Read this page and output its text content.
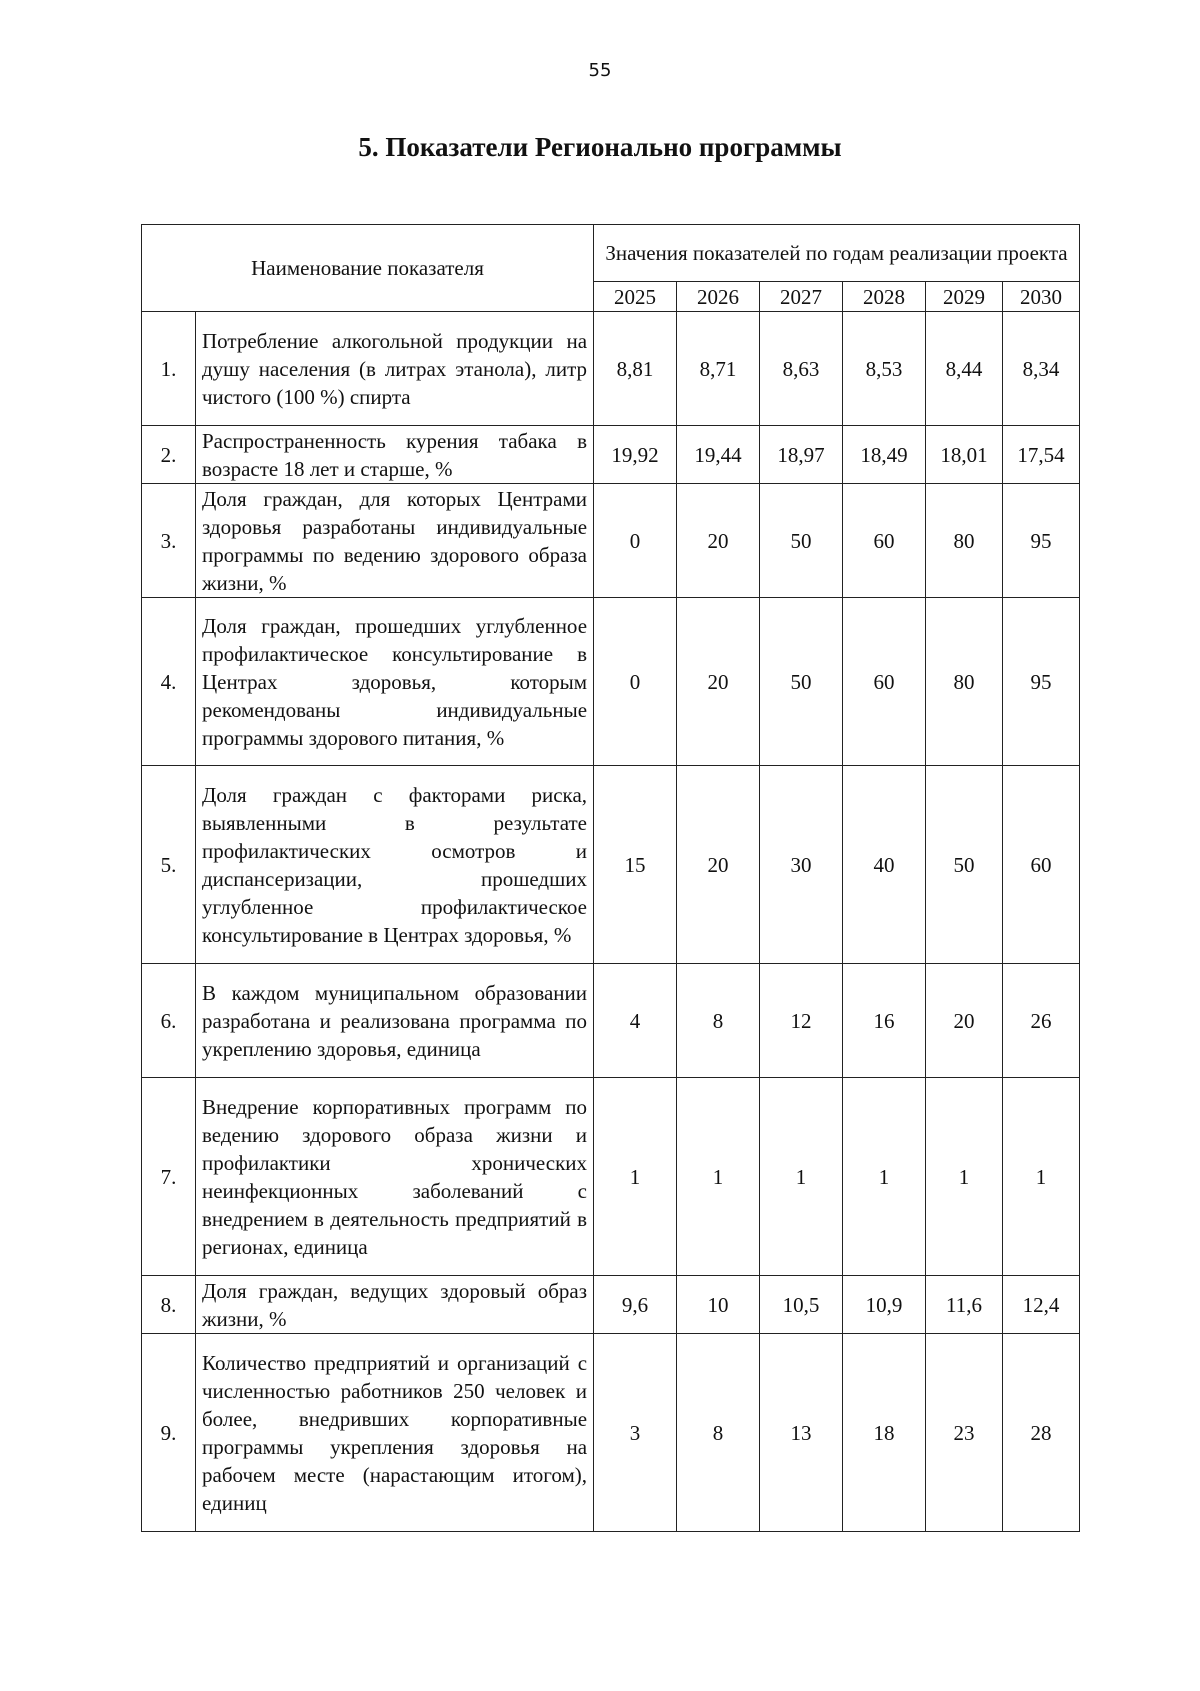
55
5. Показатели Регионально программы
Наименование показателя		Значения показателей по годам реализации проекта					
		2025	2026	2027	2028	2029	2030
1.	Потребление алкогольной продукции на душу населения (в литрах этанола), литр чистого (100 %) спирта	8,81	8,71	8,63	8,53	8,44	8,34
2.	Распространенность курения табака в возрасте 18 лет и старше, %	19,92	19,44	18,97	18,49	18,01	17,54
3.	Доля граждан, для которых Центрами здоровья разработаны индивидуальные программы по ведению здорового образа жизни, %	0	20	50	60	80	95
4.	Доля граждан, прошедших углубленное профилактическое консультирование в Центрах здоровья, которым рекомендованы индивидуальные программы здорового питания, %	0	20	50	60	80	95
5.	Доля граждан с факторами риска, выявленными в результате профилактических осмотров и диспансеризации, прошедших углубленное профилактическое консультирование в Центрах здоровья, %	15	20	30	40	50	60
6.	В каждом муниципальном образовании разработана и реализована программа по укреплению здоровья, единица	4	8	12	16	20	26
7.	Внедрение корпоративных программ по ведению здорового образа жизни и профилактики хронических неинфекционных заболеваний с внедрением в деятельность предприятий в регионах, единица	1	1	1	1	1	1
8.	Доля граждан, ведущих здоровый образ жизни, %	9,6	10	10,5	10,9	11,6	12,4
9.	Количество предприятий и организаций с численностью работников 250 человек и более, внедривших корпоративные программы укрепления здоровья на рабочем месте (нарастающим итогом), единиц	3	8	13	18	23	28
